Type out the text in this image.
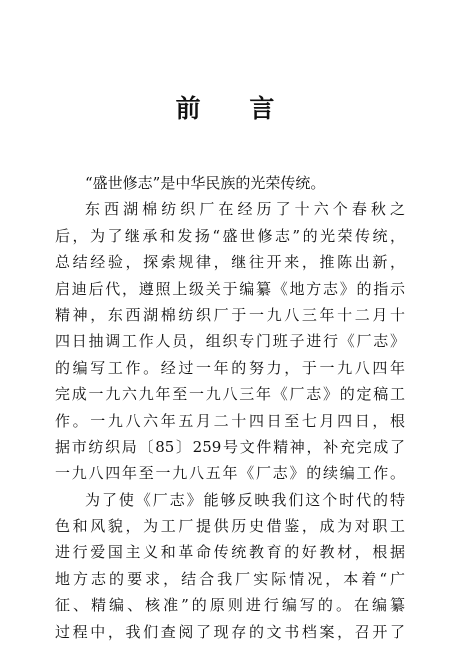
前 言
“盛世修志”是中华民族的光荣传统。
东西湖棉纺织厂在经历了十六个春秋之
后，为了继承和发扬“盛世修志”的光荣传统，
总结经验，探索规律，继往开来，推陈出新，
启迪后代，遵照上级关于编纂《地方志》的指示
精神，东西湖棉纺织厂于一九八三年十二月十
四日抽调工作人员，组织专门班子进行《厂志》
的编写工作。经过一年的努力，于一九八四年
完成一九六九年至一九八三年《厂志》的定稿工
作。一九八六年五月二十四日至七月四日，根
据市纺织局〔85〕259号文件精神，补充完成了
一九八四年至一九八五年《厂志》的续编工作。
为了使《厂志》能够反映我们这个时代的特
色和风貌，为工厂提供历史借鉴，成为对职工
进行爱国主义和革命传统教育的好教材，根据
地方志的要求，结合我厂实际情况，本着“广
征、精编、核准”的原则进行编写的。在编纂
过程中，我们查阅了现存的文书档案，召开了
